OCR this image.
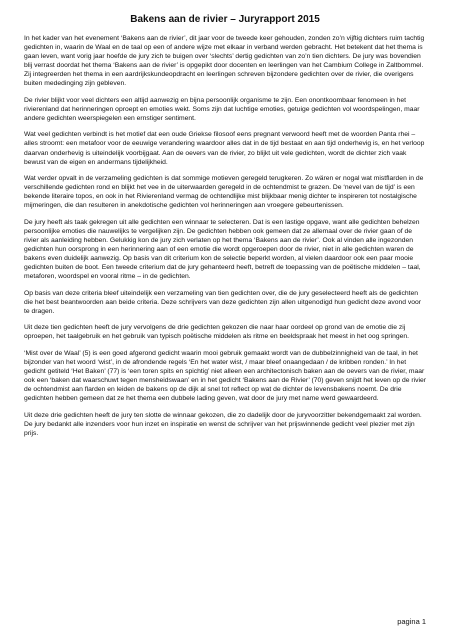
Bakens aan de rivier – Juryrapport 2015

In het kader van het evenement ‘Bakens aan de rivier’, dit jaar voor de tweede keer gehouden, zonden zo’n vijftig dichters ruim tachtig gedichten in, waarin de Waal en de taal op een of andere wijze met elkaar in verband werden gebracht. Het betekent dat het thema is gaan leven, want vorig jaar hoefde de jury zich te buigen over ‘slechts’ dertig gedichten van zo’n tien dichters. De jury was bovendien blij verrast doordat het thema ‘Bakens aan de rivier’ is opgepikt door docenten en leerlingen van het Cambium College in Zaltbommel. Zij integreerden het thema in een aardrijkskundeopdracht en leerlingen schreven bijzondere gedichten over de rivier, die overigens buiten mededinging zijn gebleven.

De rivier blijkt voor veel dichters een altijd aanwezig en bijna persoonlijk organisme te zijn. Een onontkoombaar fenomeen in het rivierenland dat herinneringen oproept en emoties wekt. Soms zijn dat luchtige emoties, getuige gedichten vol woordspelingen, maar andere gedichten weerspiegelen een ernstiger sentiment.

Wat veel gedichten verbindt is het motief dat een oude Griekse filosoof eens pregnant verwoord heeft met de woorden Panta rhei – alles stroomt: een metafoor voor de eeuwige verandering waardoor alles dat in de tijd bestaat en aan tijd onderhevig is, en het verloop daarvan onderhevig is uiteindelijk voorbijgaat. Aan de oevers van de rivier, zo blijkt uit vele gedichten, wordt de dichter zich vaak bewust van de eigen en andermans tijdelijkheid.

Wat verder opvalt in de verzameling gedichten is dat sommige motieven geregeld terugkeren. Zo wären er nogal wat mistflarden in de verschillende gedichten rond en blijkt het vee in de uiterwaarden geregeld in de ochtendmist te grazen. De ‘nevel van de tijd’ is een bekende literaire topos, en ook in het Rivierenland vermag de ochtendlijke mist blijkbaar menig dichter te inspireren tot nostalgische mijmeringen, die dan resulteren in anekdotische gedichten vol herinneringen aan vroegere gebeurtenissen.

De jury heeft als taak gekregen uit alle gedichten een winnaar te selecteren. Dat is een lastige opgave, want alle gedichten behelzen persoonlijke emoties die nauwelijks te vergelijken zijn. De gedichten hebben ook gemeen dat ze allemaal over de rivier gaan of de rivier als aanleiding hebben. Gelukkig kon de jury zich verlaten op het thema ‘Bakens aan de rivier’. Ook al vinden alle ingezonden gedichten hun oorsprong in een herinnering aan of een emotie die wordt opgeroepen door de rivier, niet in alle gedichten waren de bakens even duidelijk aanwezig. Op basis van dit criterium kon de selectie beperkt worden, al vielen daardoor ook een paar mooie gedichten buiten de boot. Een tweede criterium dat de jury gehanteerd heeft, betreft de toepassing van de poëtische middelen – taal, metaforen, woordspel en vooral ritme – in de gedichten.

Op basis van deze criteria bleef uiteindelijk een verzameling van tien gedichten over, die de jury geselecteerd heeft als de gedichten die het best beantwoorden aan beide criteria. Deze schrijvers van deze gedichten zijn allen uitgenodigd hun gedicht deze avond voor te dragen.

Uit deze tien gedichten heeft de jury vervolgens de drie gedichten gekozen die naar haar oordeel op grond van de emotie die zij oproepen, het taalgebruik en het gebruik van typisch poëtische middelen als ritme en beeldspraak het meest in het oog springen.

‘Mist over de Waal’ (5) is een goed afgerond gedicht waarin mooi gebruik gemaakt wordt van de dubbelzinnigheid van de taal, in het bijzonder van het woord ‘wist’, in de afrondende regels ‘En het water wist, / maar bleef onaangedaan / de kribben ronden.’ In het gedicht getiteld ‘Het Baken’ (77) is ‘een toren spits en spichtig’ niet alleen een architectonisch baken aan de oevers van de rivier, maar ook een ‘baken dat waarschuwt tegen mensheidswaan’ en in het gedicht ‘Bakens aan de Rivier’ (70) geven snijdt het leven op de rivier de ochtendmist aan flarden en leiden de bakens op de dijk al snel tot reflect op wat de dichter de levensbakens noemt. De drie gedichten hebben gemeen dat ze het thema een dubbele lading geven, wat door de jury met name werd gewaardeerd.

Uit deze drie gedichten heeft de jury ten slotte de winnaar gekozen, die zo dadelijk door de juryvoorzitter bekendgemaakt zal worden. De jury bedankt alle inzenders voor hun inzet en inspiratie en wenst de schrijver van het prijswinnende gedicht veel plezier met zijn prijs.

pagina 1
